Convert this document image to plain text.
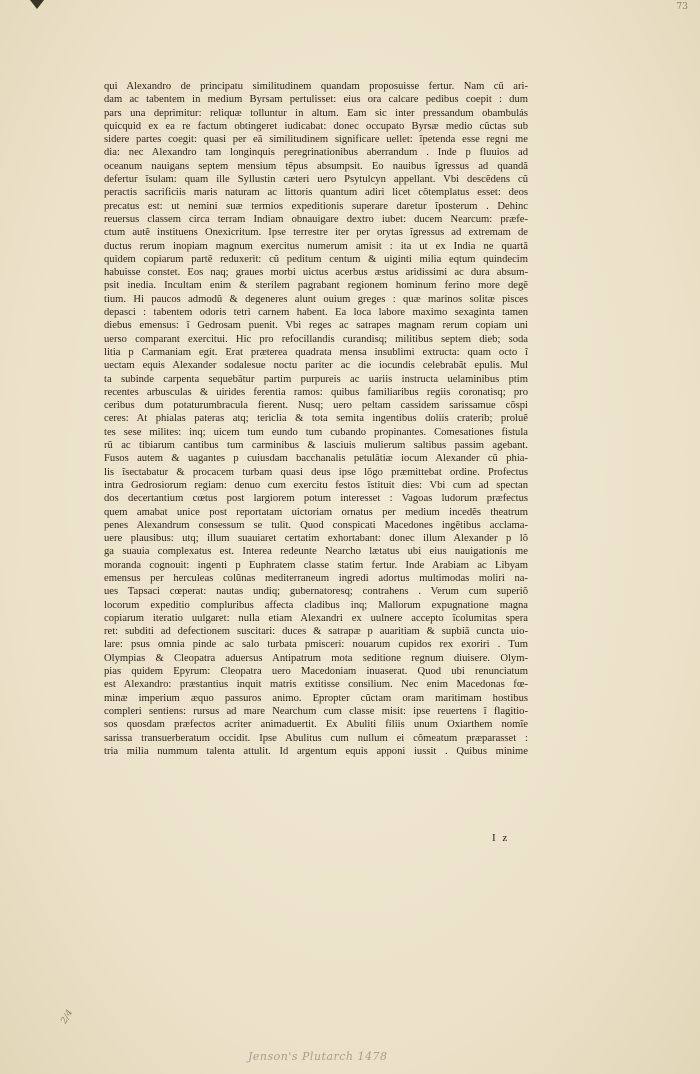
73
qui Alexandro de principatu similitudinem quandam proposuisse fertur. Nam cũ ari‑
dam ac tabentem in medium Byrsam pertulisset: eius ora calcare pedibus coepit : dum
pars una deprimitur: reliquæ tolluntur in altum. Eam sic inter pressandum obambulás
quicquid ex ea re factum obtingeret iudicabat: donec occupato Byrsæ medio cũctas sub
sidere partes coegit: quasi per eã similitudinem significare uellet: ĩpetenda esse regni me
dia: nec Alexandro tam longinquis peregrinationibus aberrandum . Inde p fluuios ad
oceanum nauigans septem mensium tẽpus absumpsit. Eo nauibus ĩgressus ad quandã
defertur ĩsulam: quam ille Syllustin cæteri uero Psytulcyn appellant. Vbi descẽdens cũ
peractis sacrificiis maris naturam ac littoris quantum adiri licet cõtemplatus esset: deos
precatus est: ut nemini suæ termios expeditionis superare daretur ĩposterum . Dehinc
reuersus classem circa terram Indiam obnauigare dextro iubet: ducem Nearcum: præfe‑
ctum autẽ instituens Onexicritum. Ipse terrestre iter per orytas ĩgressus ad extremam de
ductus rerum inopiam magnum exercitus numerum amisit : ita ut ex India ne quartã
quidem copiarum partẽ reduxerit: cũ peditum centum & uiginti milia eqtum quindecim
habuisse constet. Eos naq; graues morbi uictus acerbus æstus aridissimi ac dura absum‑
psit inedia. Incultam enim & sterilem pagrabant regionem hominum ferino more degẽ
tium. Hi paucos admodũ & degeneres alunt ouium greges : quæ marinos solitæ pisces
depasci : tabentem odoris tetri carnem habent. Ea loca labore maximo sexaginta tamen
diebus emensus: ĩ Gedrosam puenit. Vbi reges ac satrapes magnam rerum copiam uni
uerso comparant exercitui. Hic pro refocillandis curandisq; militibus septem dieb; soda
litia p Carmaniam egit. Erat præterea quadrata mensa insublimi extructa: quam octo ĩ
uectam equis Alexander sodalesue noctu pariter ac die iocundis celebrabãt epulis. Mul
ta subinde carpenta sequebãtur partim purpureis ac uariis instructa uelaminibus ptim
recentes arbusculas & uirides ferentia ramos: quibus familiaribus regiis coronatisq; pro
ceribus dum potaturumbracula fierent. Nusq; uero peltam cassidem sarissamue cõspi
ceres: At phialas pateras atq; tericlia & tota semita ingentibus doliis craterib; proluẽ
tes sese milites: inq; uicem tum eundo tum cubando propinantes. Comesationes fistula
rũ ac tibiarum cantibus tum carminibus & lasciuis mulierum saltibus passim agebant.
Fusos autem & uagantes p cuiusdam bacchanalis petulãtiæ iocum Alexander cũ phia‑
lis ĩsectabatur & procacem turbam quasi deus ipse lõgo præmittebat ordine. Profectus
intra Gedrosiorum regiam: denuo cum exercitu festos ĩstituit dies: Vbi cum ad spectan
dos decertantium cœtus post largiorem potum interesset : Vagoas ludorum præfectus
quem amabat unice post reportatam uictoriam ornatus per medium incedẽs theatrum
penes Alexandrum consessum se tulit. Quod conspicati Macedones ingẽtibus acclama‑
uere plausibus: utq; illum suauiaret certatim exhortabant: donec illum Alexander p lõ
ga suauia complexatus est. Interea redeunte Nearcho lætatus ubi eius nauigationis me
moranda cognouit: ingenti p Euphratem classe statim fertur. Inde Arabiam ac Libyam
emensus per herculeas colũnas mediterraneum ingredi adortus multimodas moliri na‑
ues Tapsaci cœperat: nautas undiq; gubernatoresq; contrahens . Verum cum superiõ
locorum expeditio compluribus affecta cladibus inq; Mallorum expugnatione magna
copiarum iteratio uulgaret: nulla etiam Alexandri ex uulnere accepto ĩcolumitas spera
ret: subditi ad defectionem suscitari: duces & satrapæ p auaritiam & supbiã cuncta uio‑
lare: psus omnia pinde ac salo turbata pmisceri: nouarum cupidos rex exoriri . Tum
Olympias & Cleopatra aduersus Antipatrum mota seditione regnum diuisere. Olym‑
pias quidem Epyrum: Cleopatra uero Macedoniam inuaserat. Quod ubi renunciatum
est Alexandro: præstantius inquit matris extitisse consilium. Nec enim Macedonas fœ‑
minæ imperium æquo passuros animo. Epropter cũctam oram maritimam hostibus
compleri sentiens: rursus ad mare Nearchum cum classe misit: ipse reuertens ĩ flagitio‑
sos quosdam præfectos acriter animaduertit. Ex Abuliti filiis unum Oxiarthem nomĩe
sarissa transuerberatum occidit. Ipse Abulitus cum nullum ei cõmeatum præparasset :
tria milia nummum talenta attulit. Id argentum equis apponi iussit . Quibus minime
I z
2/4
Jenson's Plutarch 1478
